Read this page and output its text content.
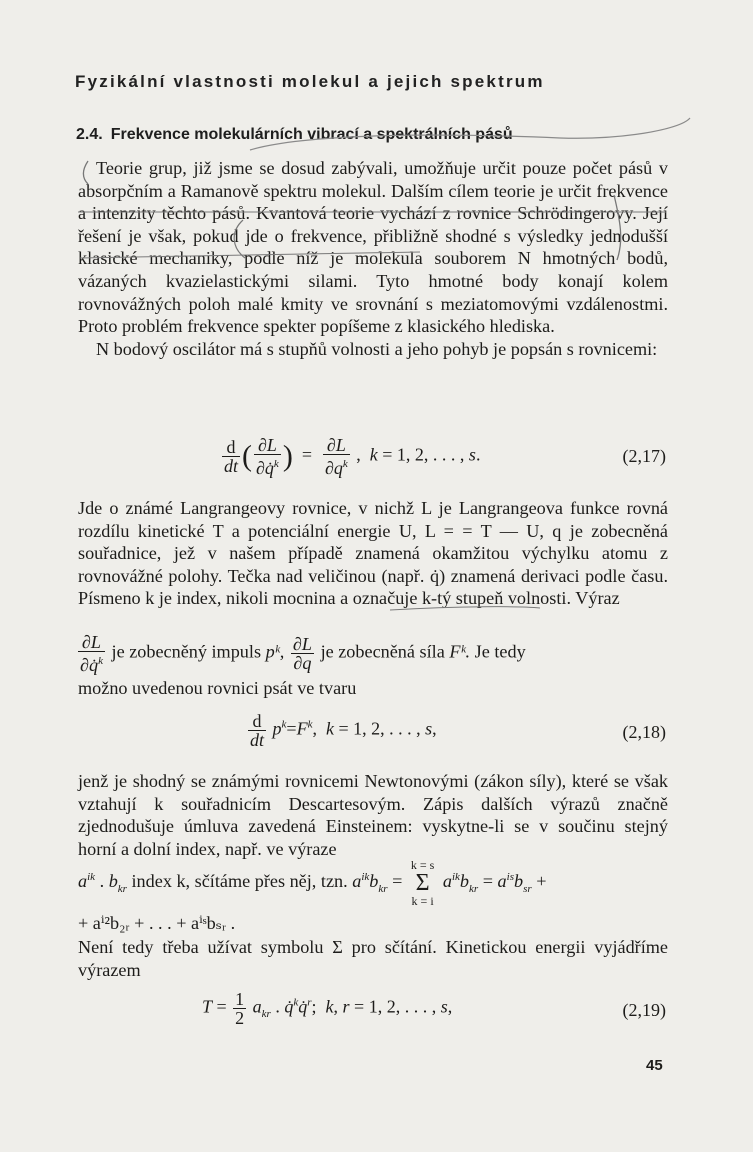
Fyzikální vlastnosti molekul a jejich spektrum
2.4. Frekvence molekulárních vibrací a spektrálních pásů

Teorie grup, již jsme se dosud zabývali, umožňuje určit pouze počet pásů v absorpčním a Ramanově spektru molekul. Dalším cílem teorie je určit frekvence a intenzity těchto pásů. Kvantová teorie vychází z rovnice Schrödingerovy. Její řešení je však, pokud jde o frekvence, přibližně shodné s výsledky jednodušší klasické mechaniky, podle níž je molekula souborem N hmotných bodů, vázaných kvazielastickými silami. Tyto hmotné body konají kolem rovnovážných poloh malé kmity ve srovnání s meziatomovými vzdálenostmi. Proto problém frekvence spekter popíšeme z klasického hlediska.

N bodový oscilátor má s stupňů volnosti a jeho pohyb je popsán s rovnicemi:

$\frac{d}{dt}$ ( $\frac{\partial L}{\partial q̇^k}$ )  = $\frac{\partial L}{\partial q^k}$ ,  k = 1, 2, . . . , s.	(2,17)

Jde o známé Langrangeovy rovnice, v nichž L je Langrangeova funkce rovná rozdílu kinetické T a potenciální energie U, L = = T — U, q je zobecněná souřadnice, jež v našem případě znamená okamžitou výchylku atomu z rovnovážné polohy. Tečka nad veličinou (např. q̇) znamená derivaci podle času. Písmeno k je index, nikoli mocnina a označuje k-tý stupeň volnosti. Výraz

$\frac{\partial L}{\partial q̇^k}$ je zobecněný impuls pᵏ, $\frac{\partial L}{\partial q}$ je zobecněná síla Fᵏ. Je tedy

možno uvedenou rovnici psát ve tvaru

$\frac{d}{dt} p^k=F^k$,  k = 1, 2, . . . , s,	(2,18)

jenž je shodný se známými rovnicemi Newtonovými (zákon síly), které se však vztahují k souřadnicím Descartesovým. Zápis dalších výrazů značně zjednodušuje úmluva zavedená Einsteinem: vyskytne-li se v součinu stejný horní a dolní index, např. ve výraze

$a^{ik}$ . $b_{kr}$ index k, sčítáme přes něj, tzn. $a^{ik}b_{kr} = k = s$
Σ
k = i $a^{ik}b_{kr} = a^{is}b_{sr}$ +

+ aⁱ²b₂ᵣ + . . . + aⁱˢbₛᵣ .

Není tedy třeba užívat symbolu Σ pro sčítání. Kinetickou energii vyjádříme výrazem

$T = \frac{1}{2} a_{kr}$ . q̇$^k$q̇$^r$;  k, r = 1, 2, . . . , s,	(2,19)
45
